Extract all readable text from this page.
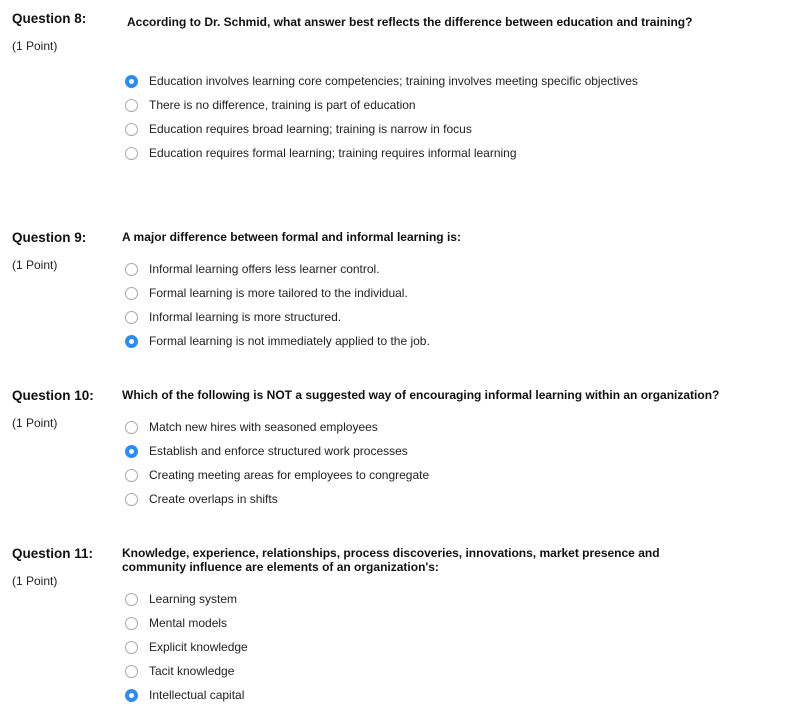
Question 8:
(1 Point)
According to Dr. Schmid, what answer best reflects the difference between education and training?
Education involves learning core competencies; training involves meeting specific objectives
There is no difference, training is part of education
Education requires broad learning; training is narrow in focus
Education requires formal learning; training requires informal learning
Question 9:
(1 Point)
A major difference between formal and informal learning is:
Informal learning offers less learner control.
Formal learning is more tailored to the individual.
Informal learning is more structured.
Formal learning is not immediately applied to the job.
Question 10:
(1 Point)
Which of the following is NOT a suggested way of encouraging informal learning within an organization?
Match new hires with seasoned employees
Establish and enforce structured work processes
Creating meeting areas for employees to congregate
Create overlaps in shifts
Question 11:
(1 Point)
Knowledge, experience, relationships, process discoveries, innovations, market presence and community influence are elements of an organization's:
Learning system
Mental models
Explicit knowledge
Tacit knowledge
Intellectual capital
